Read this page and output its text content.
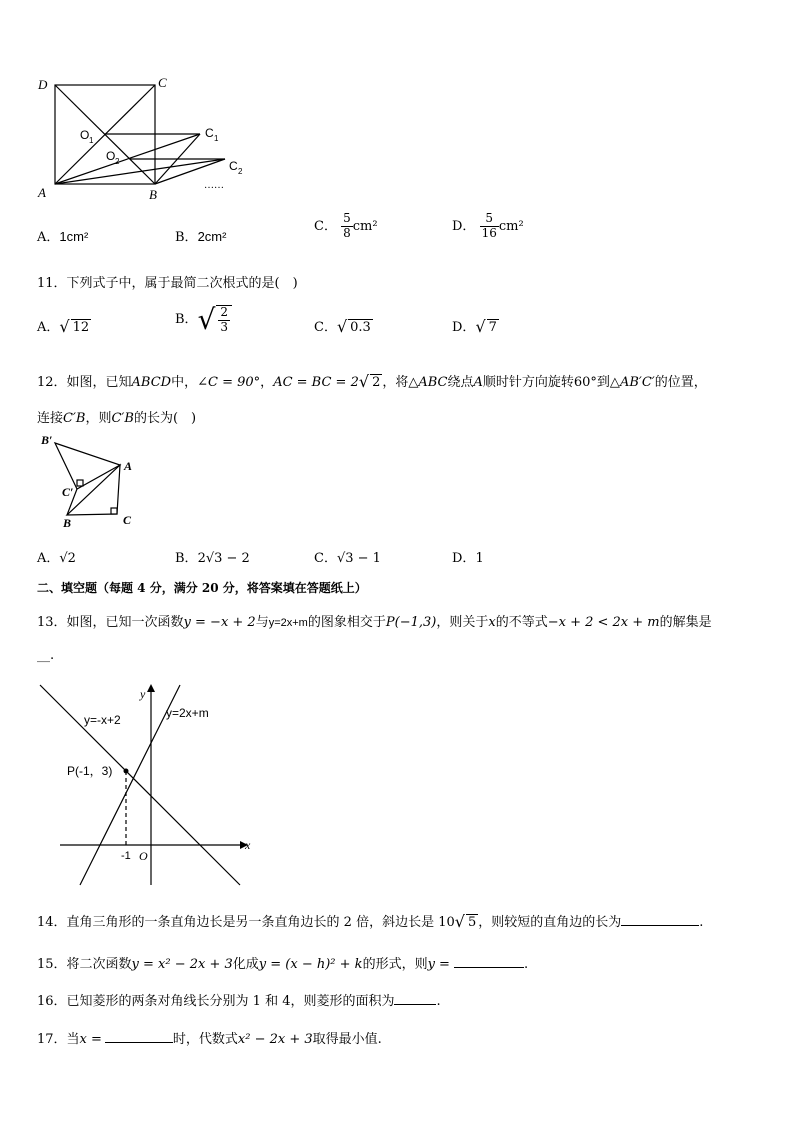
D	C
A	B
O 1
O 2
C 1
C 2
……
A．1cm²	B．2cm²
C． $\frac{5}{8} cm^2$	D． $\frac{5}{16} cm^2$
11．下列式子中，属于最简二次根式的是(　)
A．√ 12
B．√ $\frac{2}{3}$	C．√ 0.3	D．√ 7
12．如图，已知ABCD中，∠C = 90°，AC = BC = 2√ 2 ，将△ABC绕点A顺时针方向旋转60°到△AB′C′的位置，
连接C′B，则C′B的长为(　)
B′
A
C′
B	C
A．√2	B．2√3 − 2	C．√3 − 1	D．1
二、填空题（每题 4 分，满分 20 分，将答案填在答题纸上）
13．如图，已知一次函数y = −x + 2与y=2x+m的图象相交于P(−1,3)，则关于x的不等式−x + 2 < 2x + m的解集是
__.
y=-x+2	y=2x+m
P(-1，3)
y
x
-1 O
14．直角三角形的一条直角边长是另一条直角边长的 2 倍，斜边长是 10√ 5 ，则较短的直角边的长为	.
15．将二次函数y = x² − 2x + 3化成y = (x − h)² + k的形式，则y =	.
16．已知菱形的两条对角线长分别为 1 和 4，则菱形的面积为	.
17．当x =	时，代数式x² − 2x + 3取得最小值.
